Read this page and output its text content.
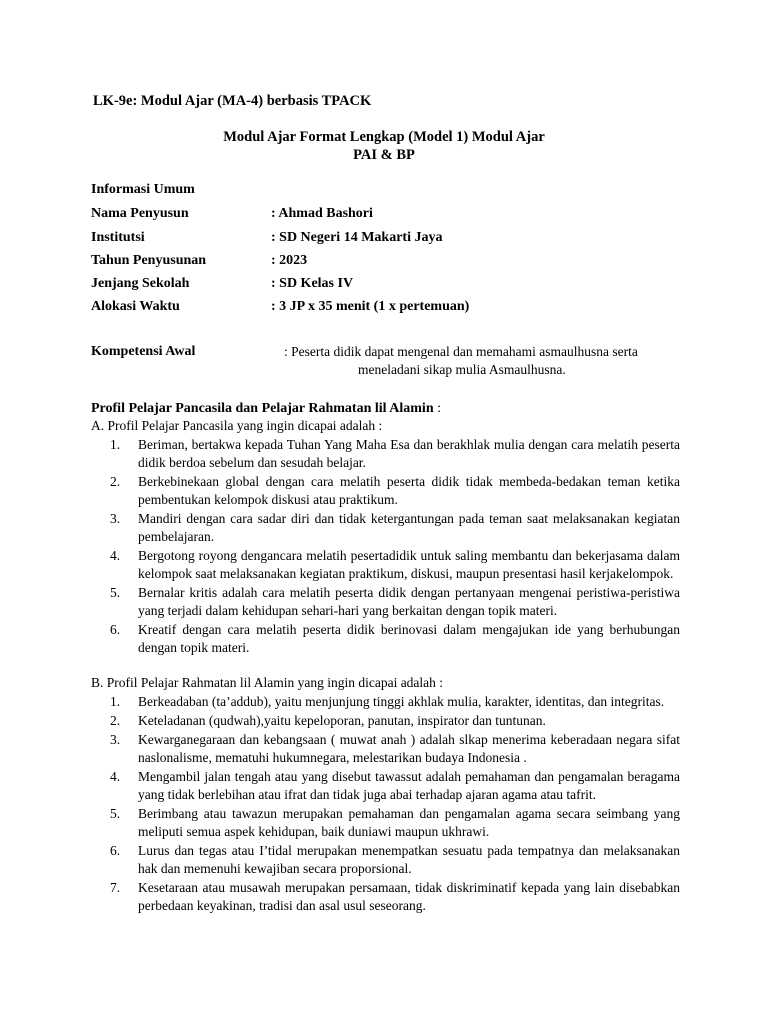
LK-9e: Modul Ajar (MA-4) berbasis TPACK

Modul Ajar Format Lengkap (Model 1) Modul Ajar

PAI & BP

Informasi Umum

Nama Penyusun	: Ahmad Bashori

Institutsi	: SD Negeri 14 Makarti Jaya

Tahun Penyusunan	: 2023

Jenjang Sekolah	: SD Kelas IV

Alokasi Waktu	: 3 JP x 35 menit (1 x pertemuan)

Kompetensi Awal	: Peserta didik dapat mengenal dan memahami asmaulhusna serta
meneladani sikap mulia Asmaulhusna.

Profil Pelajar Pancasila dan Pelajar Rahmatan lil Alamin :

A. Profil Pelajar Pancasila yang ingin dicapai adalah :

1.	Beriman, bertakwa kepada Tuhan Yang Maha Esa dan berakhlak mulia dengan cara melatih peserta didik berdoa sebelum dan sesudah belajar.
2.	Berkebinekaan global dengan cara melatih peserta didik tidak membeda-bedakan teman ketika pembentukan kelompok diskusi atau praktikum.
3.	Mandiri dengan cara sadar diri dan tidak ketergantungan pada teman saat melaksanakan kegiatan pembelajaran.
4.	Bergotong royong dengancara melatih pesertadidik untuk saling membantu dan bekerjasama dalam kelompok saat melaksanakan kegiatan praktikum, diskusi, maupun presentasi hasil kerjakelompok.
5.	Bernalar kritis adalah cara melatih peserta didik dengan pertanyaan mengenai peristiwa-peristiwa yang terjadi dalam kehidupan sehari-hari yang berkaitan dengan topik materi.
6.	Kreatif dengan cara melatih peserta didik berinovasi dalam mengajukan ide yang berhubungan dengan topik materi.

B. Profil Pelajar Rahmatan lil Alamin yang ingin dicapai adalah :

1.	Berkeadaban (ta’addub), yaitu menjunjung tinggi akhlak mulia, karakter, identitas, dan integritas.
2.	Keteladanan (qudwah),yaitu kepeloporan, panutan, inspirator dan tuntunan.
3.	Kewarganegaraan dan kebangsaan ( muwat anah ) adalah slkap menerima keberadaan negara sifat naslonalisme, mematuhi hukumnegara, melestarikan budaya Indonesia .
4.	Mengambil jalan tengah atau yang disebut tawassut adalah pemahaman dan pengamalan beragama yang tidak berlebihan atau ifrat dan tidak juga abai terhadap ajaran agama atau tafrit.
5.	Berimbang atau tawazun merupakan pemahaman dan pengamalan agama secara seimbang yang meliputi semua aspek kehidupan, baik duniawi maupun ukhrawi.
6.	Lurus dan tegas atau I’tidal merupakan menempatkan sesuatu pada tempatnya dan melaksanakan hak dan memenuhi kewajiban secara proporsional.
7.	Kesetaraan atau musawah merupakan persamaan, tidak diskriminatif kepada yang lain disebabkan perbedaan keyakinan, tradisi dan asal usul seseorang.
